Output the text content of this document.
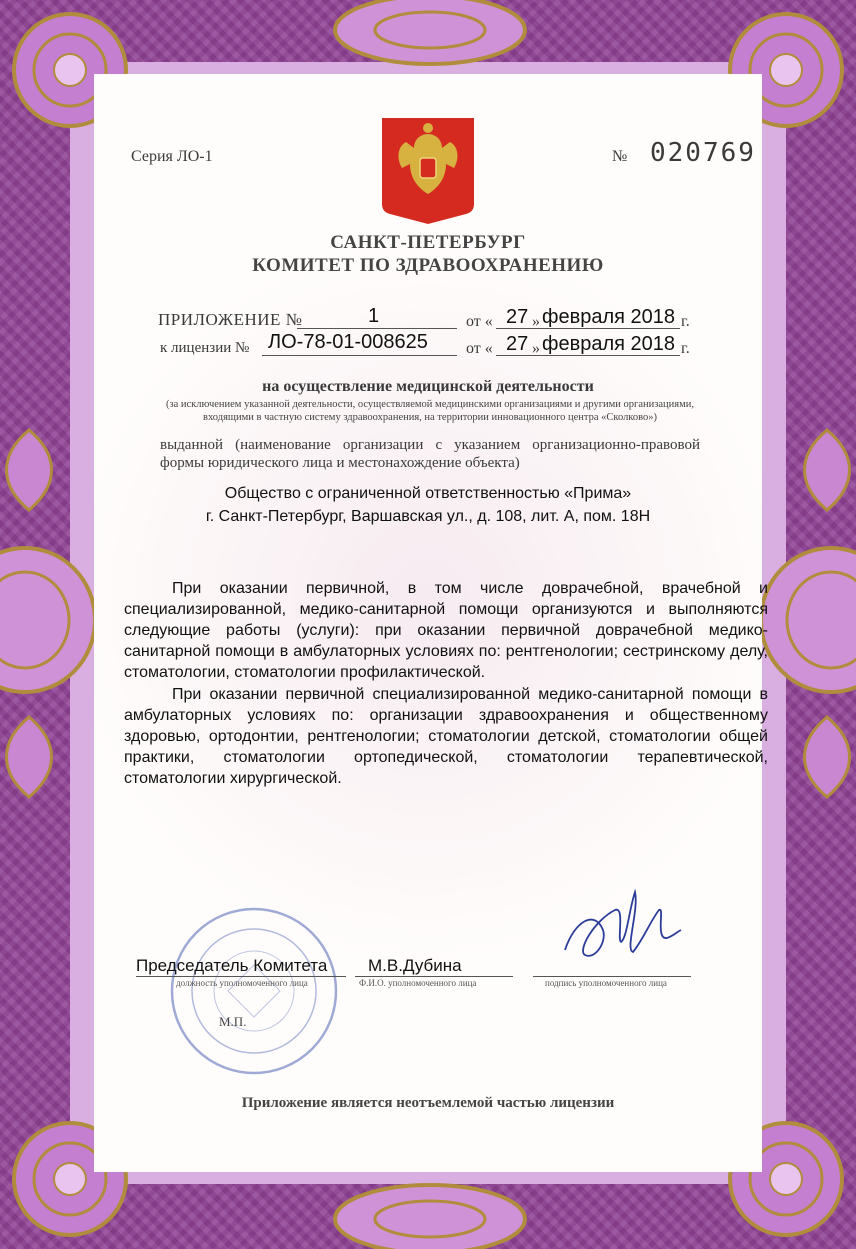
Серия ЛО-1	№ 020769
САНКТ-ПЕТЕРБУРГ
КОМИТЕТ ПО ЗДРАВООХРАНЕНИЮ
ПРИЛОЖЕНИЕ №	1	от « 27 » февраля 2018 г.
к лицензии № ЛО-78-01-008625 от « 27 » февраля 2018 г.
на осуществление медицинской деятельности
(за исключением указанной деятельности, осуществляемой медицинскими организациями и другими организациями, входящими в частную систему здравоохранения, на территории инновационного центра «Сколково»)
выданной (наименование организации с указанием организационно-правовой формы юридического лица и местонахождение объекта)
Общество с ограниченной ответственностью «Прима»
г. Санкт-Петербург, Варшавская ул., д. 108, лит. А, пом. 18Н
При оказании первичной, в том числе доврачебной, врачебной и специализированной, медико-санитарной помощи организуются и выполняются следующие работы (услуги): при оказании первичной доврачебной медико-санитарной помощи в амбулаторных условиях по: рентгенологии; сестринскому делу, стоматологии, стоматологии профилактической.
При оказании первичной специализированной медико-санитарной помощи в амбулаторных условиях по: организации здравоохранения и общественному здоровью, ортодонтии, рентгенологии; стоматологии детской, стоматологии общей практики, стоматологии ортопедической, стоматологии терапевтической, стоматологии хирургической.
Председатель Комитета М.В.Дубина
должность уполномоченного лица	Ф.И.О. уполномоченного лица	подпись уполномоченного лица
М.П.
Приложение является неотъемлемой частью лицензии
